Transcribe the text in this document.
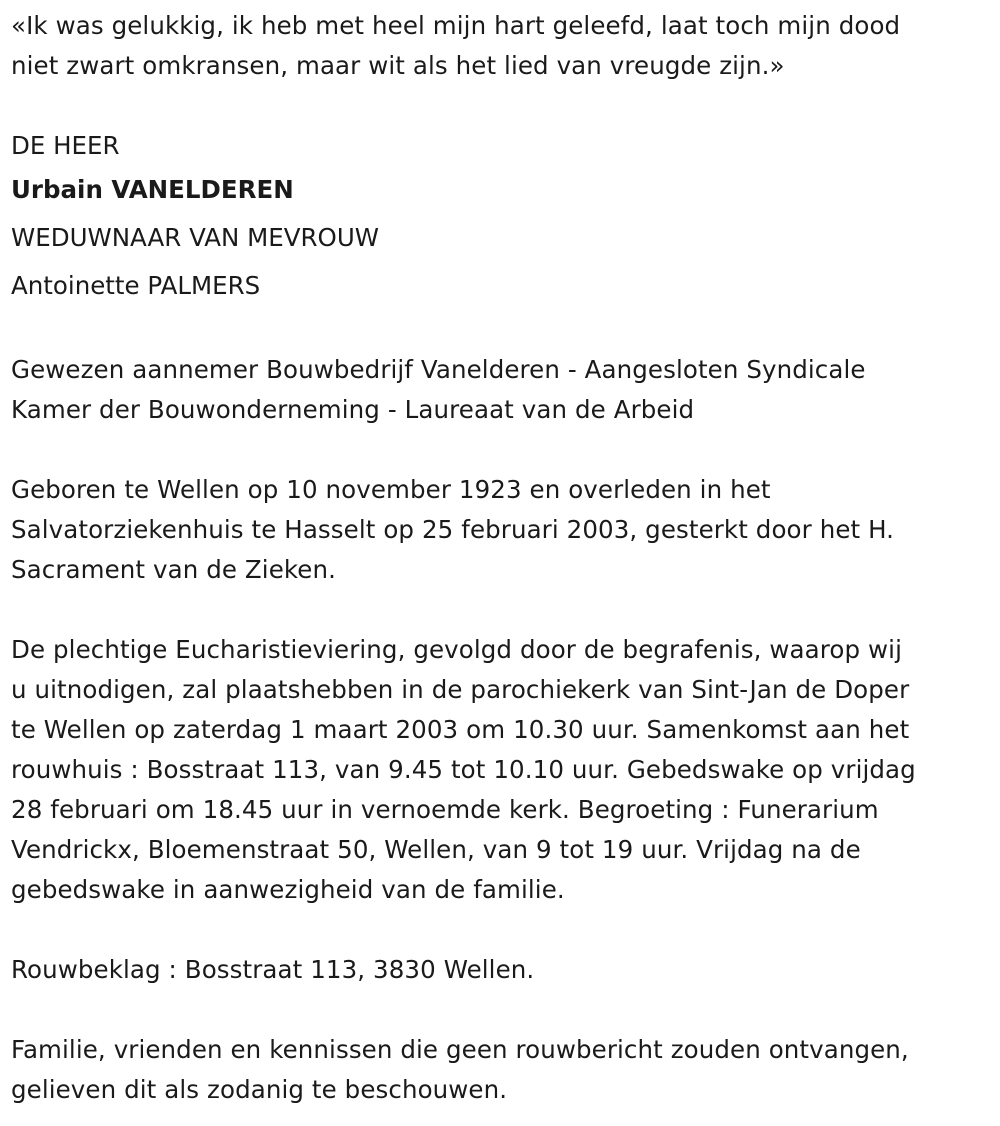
«Ik was gelukkig, ik heb met heel mijn hart geleefd, laat toch mijn dood
niet zwart omkransen, maar wit als het lied van vreugde zijn.»

DE HEER

Urbain VANELDEREN

WEDUWNAAR VAN MEVROUW

Antoinette PALMERS

Gewezen aannemer Bouwbedrijf Vanelderen - Aangesloten Syndicale
Kamer der Bouwonderneming - Laureaat van de Arbeid

Geboren te Wellen op 10 november 1923 en overleden in het
Salvatorziekenhuis te Hasselt op 25 februari 2003, gesterkt door het H.
Sacrament van de Zieken.

De plechtige Eucharistieviering, gevolgd door de begrafenis, waarop wij
u uitnodigen, zal plaatshebben in de parochiekerk van Sint-Jan de Doper
te Wellen op zaterdag 1 maart 2003 om 10.30 uur. Samenkomst aan het
rouwhuis : Bosstraat 113, van 9.45 tot 10.10 uur. Gebedswake op vrijdag
28 februari om 18.45 uur in vernoemde kerk. Begroeting : Funerarium
Vendrickx, Bloemenstraat 50, Wellen, van 9 tot 19 uur. Vrijdag na de
gebedswake in aanwezigheid van de familie.

Rouwbeklag : Bosstraat 113, 3830 Wellen.

Familie, vrienden en kennissen die geen rouwbericht zouden ontvangen,
gelieven dit als zodanig te beschouwen.
